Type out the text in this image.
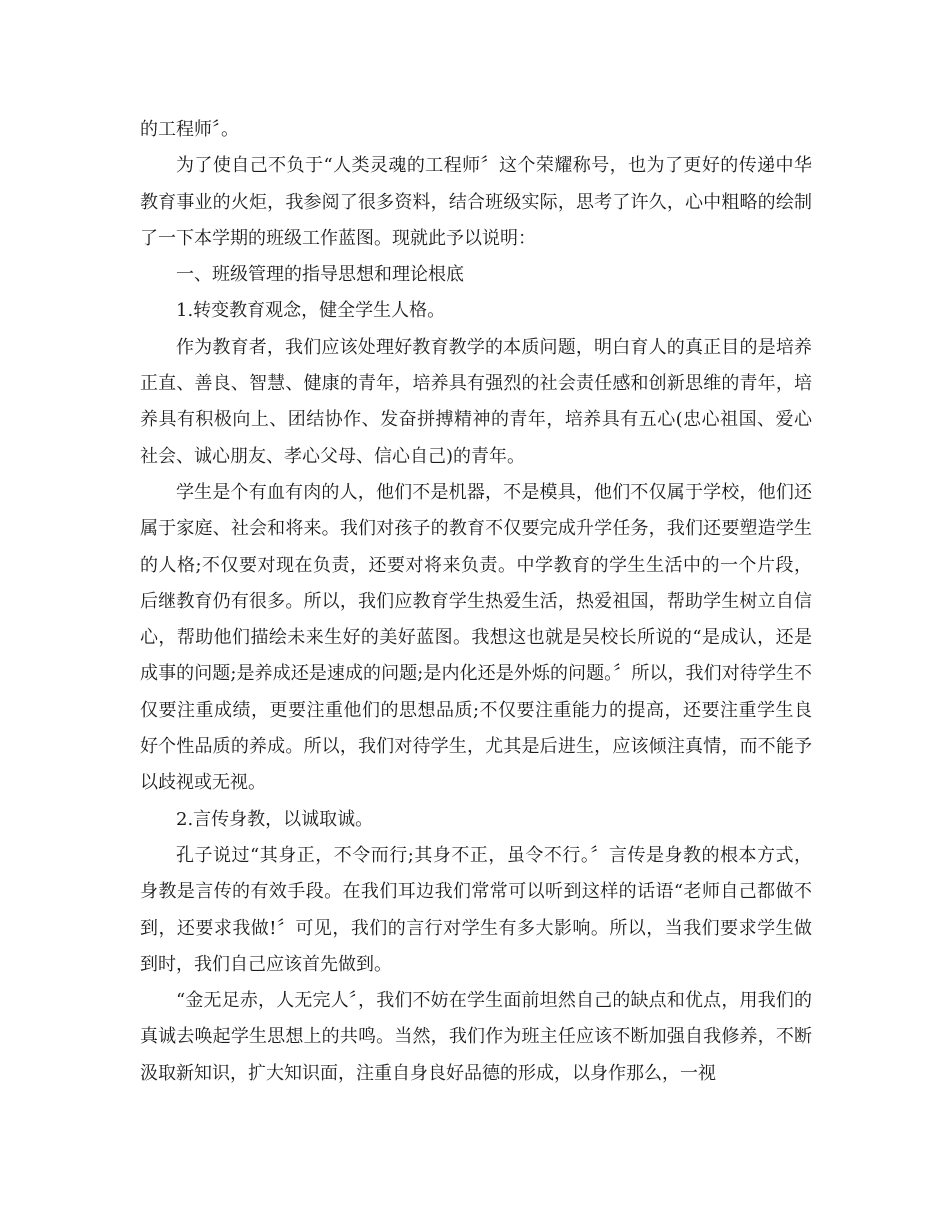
的工程师〞。

为了使自己不负于“人类灵魂的工程师〞这个荣耀称号，也为了更好的传递中华教育事业的火炬，我参阅了很多资料，结合班级实际，思考了许久，心中粗略的绘制了一下本学期的班级工作蓝图。现就此予以说明：

一、班级管理的指导思想和理论根底

1.转变教育观念，健全学生人格。

作为教育者，我们应该处理好教育教学的本质问题，明白育人的真正目的是培养正直、善良、智慧、健康的青年，培养具有强烈的社会责任感和创新思维的青年，培养具有积极向上、团结协作、发奋拼搏精神的青年，培养具有五心(忠心祖国、爱心社会、诚心朋友、孝心父母、信心自己)的青年。

学生是个有血有肉的人，他们不是机器，不是模具，他们不仅属于学校，他们还属于家庭、社会和将来。我们对孩子的教育不仅要完成升学任务，我们还要塑造学生的人格;不仅要对现在负责，还要对将来负责。中学教育的学生生活中的一个片段，后继教育仍有很多。所以，我们应教育学生热爱生活，热爱祖国，帮助学生树立自信心，帮助他们描绘未来生好的美好蓝图。我想这也就是吴校长所说的“是成认，还是成事的问题;是养成还是速成的问题;是内化还是外烁的问题。〞所以，我们对待学生不仅要注重成绩，更要注重他们的思想品质;不仅要注重能力的提高，还要注重学生良好个性品质的养成。所以，我们对待学生，尤其是后进生，应该倾注真情，而不能予以歧视或无视。

2.言传身教，以诚取诚。

孔子说过“其身正，不令而行;其身不正，虽令不行。〞言传是身教的根本方式，身教是言传的有效手段。在我们耳边我们常常可以听到这样的话语“老师自己都做不到，还要求我做!〞可见，我们的言行对学生有多大影响。所以，当我们要求学生做到时，我们自己应该首先做到。

“金无足赤，人无完人〞，我们不妨在学生面前坦然自己的缺点和优点，用我们的真诚去唤起学生思想上的共鸣。当然，我们作为班主任应该不断加强自我修养，不断汲取新知识，扩大知识面，注重自身良好品德的形成，以身作那么，一视
